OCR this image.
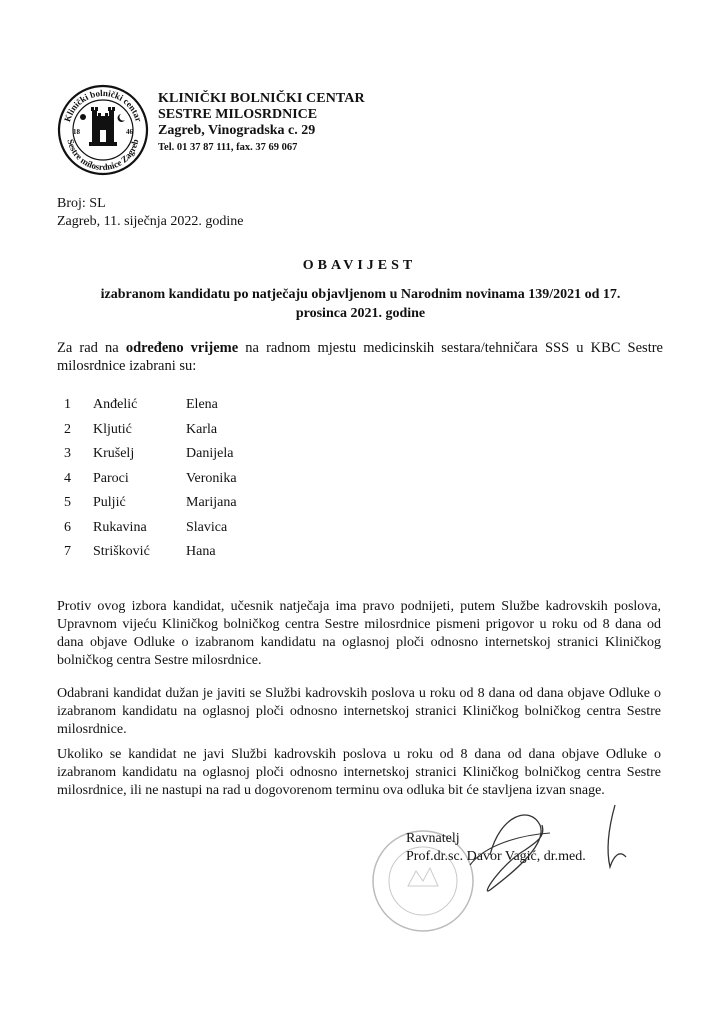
Klinički bolnički centar
Sestre milosrdnice Zagreb
18	46
KLINIČKI BOLNIČKI CENTAR
SESTRE MILOSRDNICE
Zagreb, Vinogradska c. 29
Tel. 01 37 87 111, fax. 37 69 067
Broj: SL
Zagreb, 11. siječnja 2022. godine
OBAVIJEST
izabranom kandidatu po natječaju objavljenom u Narodnim novinama 139/2021 od 17. prosinca 2021. godine
Za rad na određeno vrijeme na radnom mjestu medicinskih sestara/tehničara SSS u KBC Sestre milosrdnice izabrani su:
1	Anđelić	Elena
2	Kljutić	Karla
3	Krušelj	Danijela
4	Paroci	Veronika
5	Puljić	Marijana
6	Rukavina	Slavica
7	Strišković	Hana
Protiv ovog izbora kandidat, učesnik natječaja ima pravo podnijeti, putem Službe kadrovskih poslova, Upravnom vijeću Kliničkog bolničkog centra Sestre milosrdnice pismeni prigovor u roku od 8 dana od dana objave Odluke o izabranom kandidatu na oglasnoj ploči odnosno internetskoj stranici Kliničkog bolničkog centra Sestre milosrdnice.
Odabrani kandidat dužan je javiti se Službi kadrovskih poslova u roku od 8 dana od dana objave Odluke o izabranom kandidatu na oglasnoj ploči odnosno internetskoj stranici Kliničkog bolničkog centra Sestre milosrdnice.
Ukoliko se kandidat ne javi Službi kadrovskih poslova u roku od 8 dana od dana objave Odluke o izabranom kandidatu na oglasnoj ploči odnosno internetskoj stranici Kliničkog bolničkog centra Sestre milosrdnice, ili ne nastupi na rad u dogovorenom terminu ova odluka bit će stavljena izvan snage.
Ravnatelj
Prof.dr.sc. Davor Vagić, dr.med.
